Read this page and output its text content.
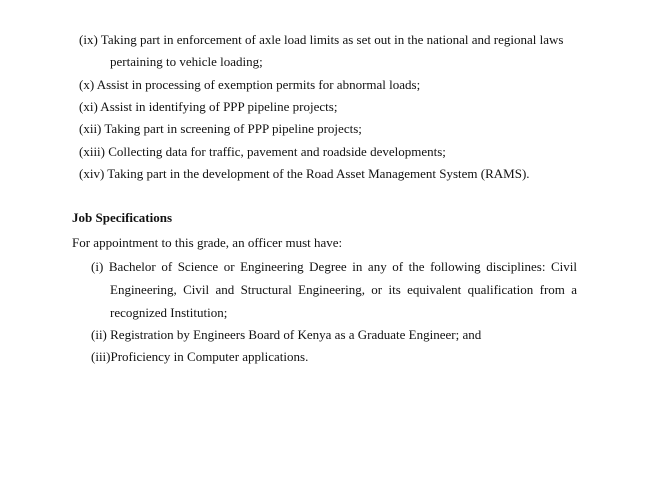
(ix) Taking part in enforcement of axle load limits as set out in the national and regional laws
pertaining to vehicle loading;
(x) Assist in processing of exemption permits for abnormal loads;
(xi) Assist in identifying of PPP pipeline projects;
(xii) Taking part in screening of PPP pipeline projects;
(xiii) Collecting data for traffic, pavement and roadside developments;
(xiv) Taking part in the development of the Road Asset Management System (RAMS).
Job Specifications
For appointment to this grade, an officer must have:
(i) Bachelor of Science or Engineering Degree in any of the following disciplines: Civil
Engineering, Civil and Structural Engineering, or its equivalent qualification from a
recognized Institution;
(ii) Registration by Engineers Board of Kenya as a Graduate Engineer; and
(iii)Proficiency in Computer applications.
